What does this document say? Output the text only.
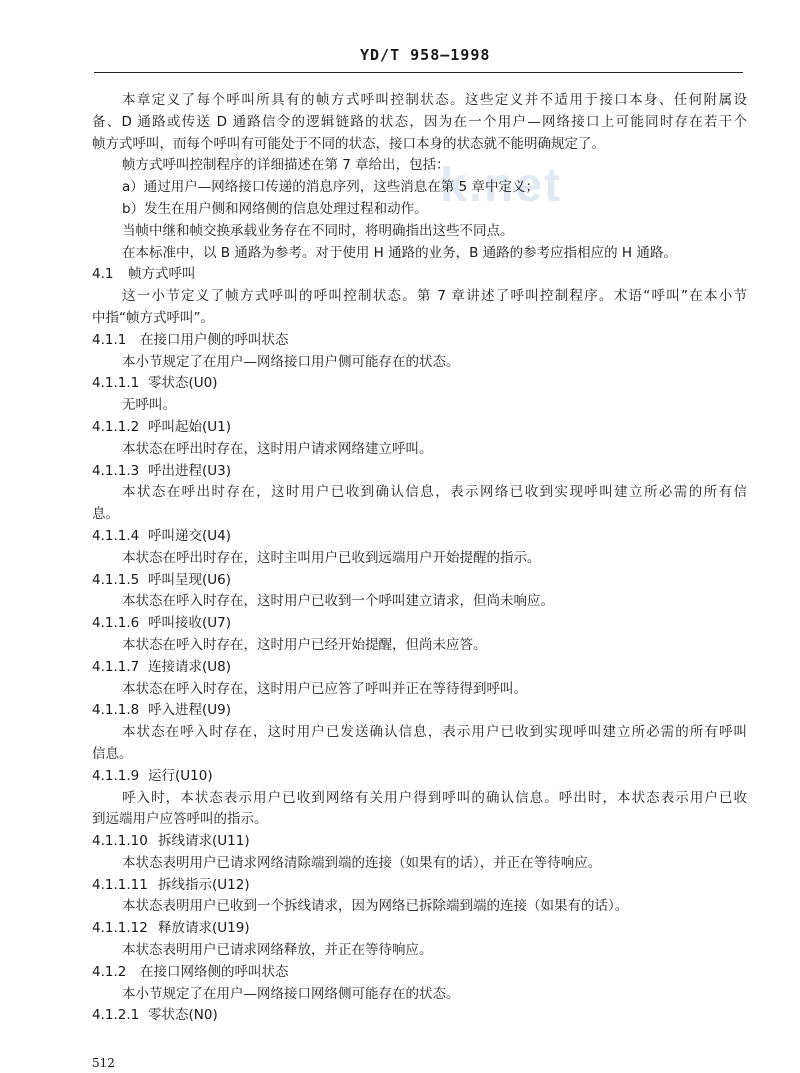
YD/T 958—1998
k.net
本章定义了每个呼叫所具有的帧方式呼叫控制状态。这些定义并不适用于接口本身、任何附属设
备、D 通路或传送 D 通路信令的逻辑链路的状态，因为在一个用户—网络接口上可能同时存在若干个
帧方式呼叫，而每个呼叫有可能处于不同的状态，接口本身的状态就不能明确规定了。
帧方式呼叫控制程序的详细描述在第 7 章给出，包括：
a）通过用户—网络接口传递的消息序列，这些消息在第 5 章中定义；
b）发生在用户侧和网络侧的信息处理过程和动作。
当帧中继和帧交换承载业务存在不同时，将明确指出这些不同点。
在本标准中，以 B 通路为参考。对于使用 H 通路的业务，B 通路的参考应指相应的 H 通路。
4.1 帧方式呼叫
这一小节定义了帧方式呼叫的呼叫控制状态。第 7 章讲述了呼叫控制程序。术语“呼叫”在本小节
中指“帧方式呼叫”。
4.1.1 在接口用户侧的呼叫状态
本小节规定了在用户—网络接口用户侧可能存在的状态。
4.1.1.1 零状态(U0)
无呼叫。
4.1.1.2 呼叫起始(U1)
本状态在呼出时存在，这时用户请求网络建立呼叫。
4.1.1.3 呼出进程(U3)
本状态在呼出时存在，这时用户已收到确认信息，表示网络已收到实现呼叫建立所必需的所有信
息。
4.1.1.4 呼叫递交(U4)
本状态在呼出时存在，这时主叫用户已收到远端用户开始提醒的指示。
4.1.1.5 呼叫呈现(U6)
本状态在呼入时存在，这时用户已收到一个呼叫建立请求，但尚未响应。
4.1.1.6 呼叫接收(U7)
本状态在呼入时存在，这时用户已经开始提醒，但尚未应答。
4.1.1.7 连接请求(U8)
本状态在呼入时存在，这时用户已应答了呼叫并正在等待得到呼叫。
4.1.1.8 呼入进程(U9)
本状态在呼入时存在，这时用户已发送确认信息，表示用户已收到实现呼叫建立所必需的所有呼叫
信息。
4.1.1.9 运行(U10)
呼入时，本状态表示用户已收到网络有关用户得到呼叫的确认信息。呼出时，本状态表示用户已收
到远端用户应答呼叫的指示。
4.1.1.10 拆线请求(U11)
本状态表明用户已请求网络清除端到端的连接（如果有的话），并正在等待响应。
4.1.1.11 拆线指示(U12)
本状态表明用户已收到一个拆线请求，因为网络已拆除端到端的连接（如果有的话）。
4.1.1.12 释放请求(U19)
本状态表明用户已请求网络释放，并正在等待响应。
4.1.2 在接口网络侧的呼叫状态
本小节规定了在用户—网络接口网络侧可能存在的状态。
4.1.2.1 零状态(N0)
512
